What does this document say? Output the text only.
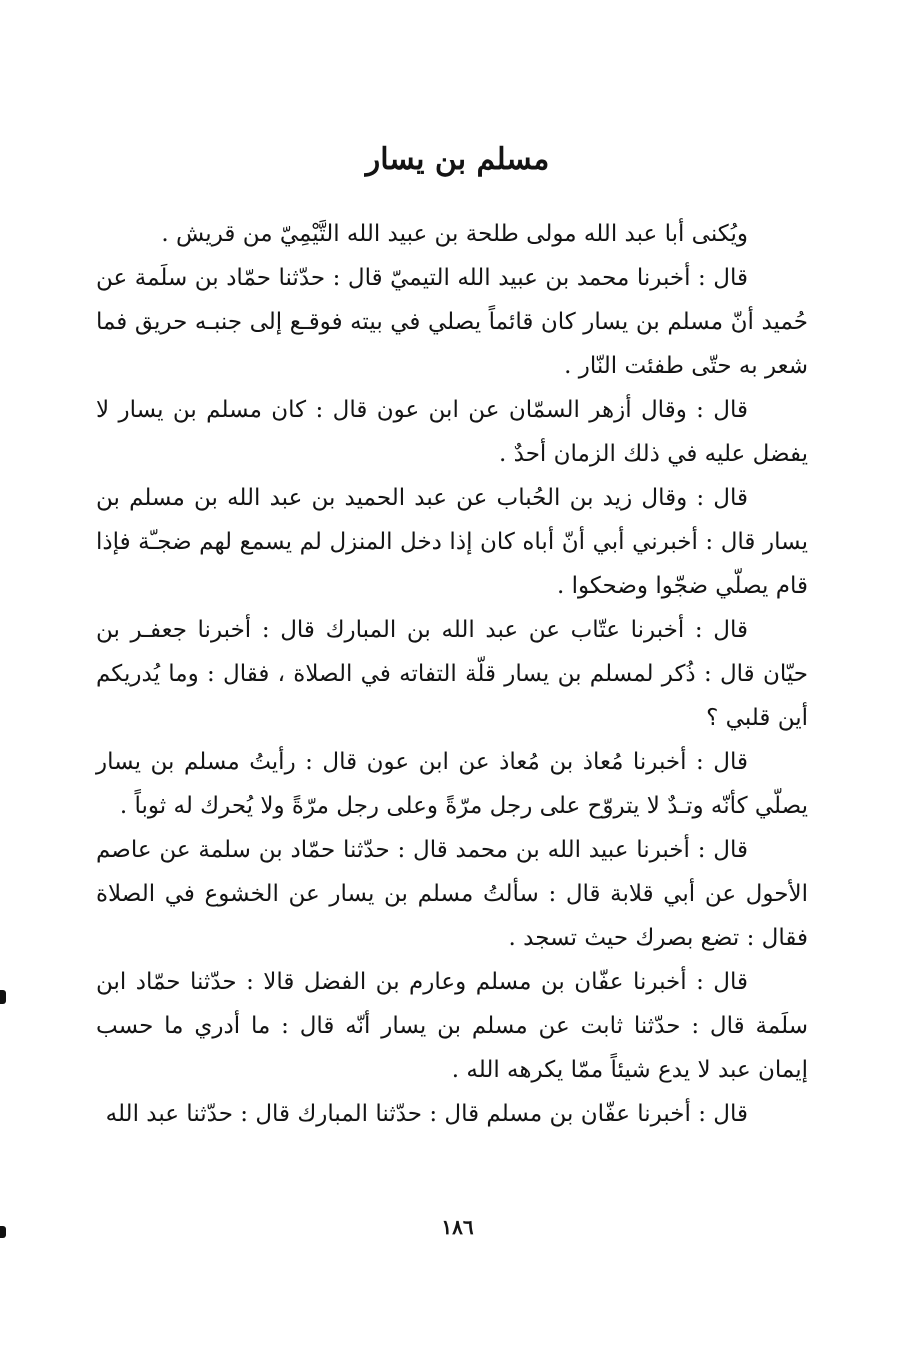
مسلم بن يسار

ويُكنى أبا عبد الله مولى طلحة بن عبيد الله التَّيْمِيّ من قريش .

قال : أخبرنا محمد بن عبيد الله التيميّ قال : حدّثنا حمّاد بن سلَمة عن حُميد أنّ مسلم بن يسار كان قائماً يصلي في بيته فوقـع إلى جنبـه حريق فما شعر به حتّى طفئت النّار .

قال : وقال أزهر السمّان عن ابن عون قال : كان مسلم بن يسار لا يفضل عليه في ذلك الزمان أحدٌ .

قال : وقال زيد بن الحُباب عن عبد الحميد بن عبد الله بن مسلم بن يسار قال : أخبرني أبي أنّ أباه كان إذا دخل المنزل لم يسمع لهم ضجـّة فإذا قام يصلّي ضجّوا وضحكوا .

قال : أخبرنا عتّاب عن عبد الله بن المبارك قال : أخبرنا جعفـر بن حيّان قال : ذُكر لمسلم بن يسار قلّة التفاته في الصلاة ، فقال : وما يُدريكم أين قلبي ؟

قال : أخبرنا مُعاذ بن مُعاذ عن ابن عون قال : رأيتُ مسلم بن يسار يصلّي كأنّه وتـدٌ لا يتروّح على رجل مرّةً وعلى رجل مرّةً ولا يُحرك له ثوباً .

قال : أخبرنا عبيد الله بن محمد قال : حدّثنا حمّاد بن سلمة عن عاصم الأحول عن أبي قلابة قال : سألتُ مسلم بن يسار عن الخشوع في الصلاة فقال : تضع بصرك حيث تسجد .

قال : أخبرنا عفّان بن مسلم وعارم بن الفضل قالا : حدّثنا حمّاد ابن سلَمة قال : حدّثنا ثابت عن مسلم بن يسار أنّه قال : ما أدري ما حسب إيمان عبد لا يدع شيئاً ممّا يكرهه الله .

قال : أخبرنا عفّان بن مسلم قال : حدّثنا المبارك قال : حدّثنا عبد الله

١٨٦
